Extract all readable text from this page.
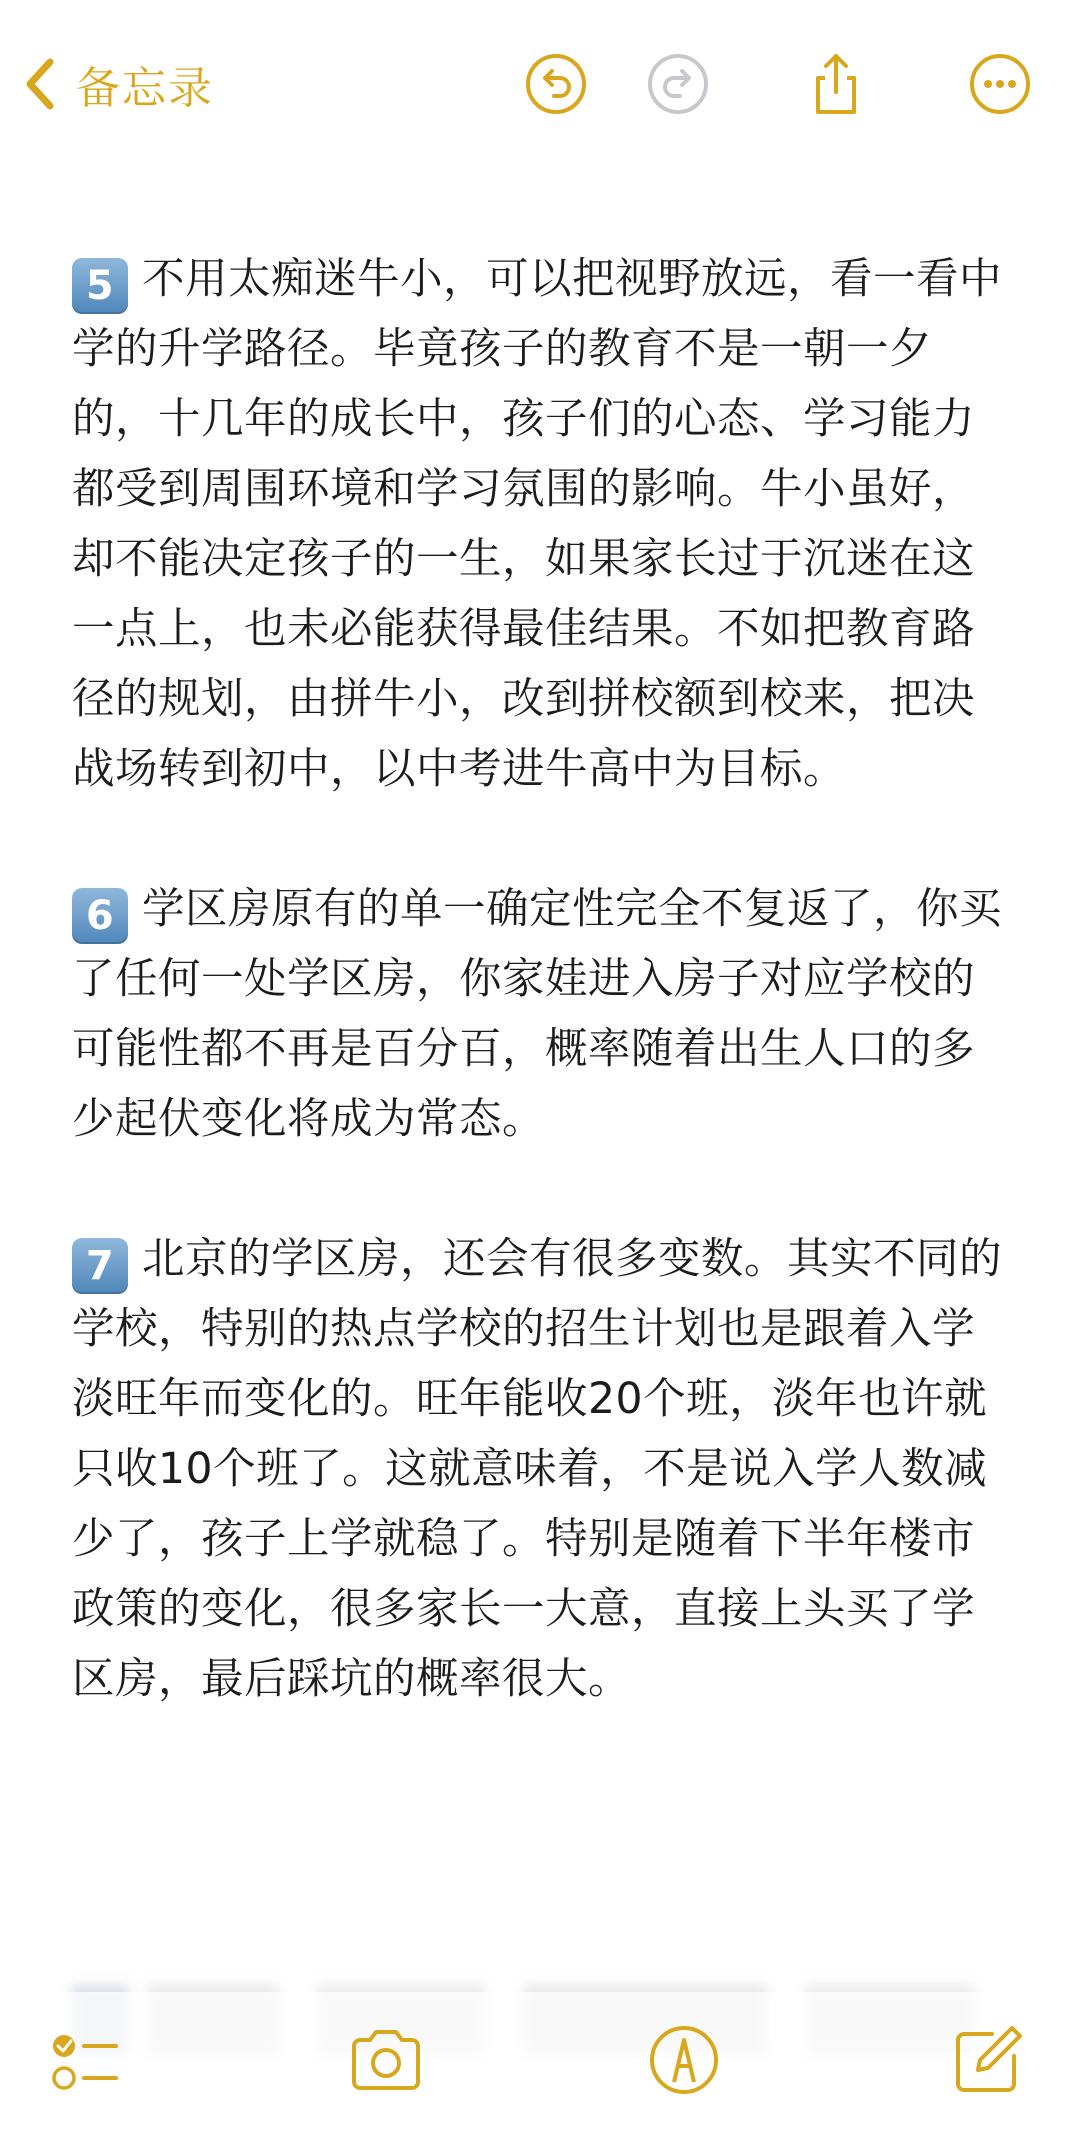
备忘录

5 不用太痴迷牛小，可以把视野放远，看一看中学的升学路径。毕竟孩子的教育不是一朝一夕的，十几年的成长中，孩子们的心态、学习能力都受到周围环境和学习氛围的影响。牛小虽好，却不能决定孩子的一生，如果家长过于沉迷在这一点上，也未必能获得最佳结果。不如把教育路径的规划，由拼牛小，改到拼校额到校来，把决战场转到初中，以中考进牛高中为目标。

6 学区房原有的单一确定性完全不复返了，你买了任何一处学区房，你家娃进入房子对应学校的可能性都不再是百分百，概率随着出生人口的多少起伏变化将成为常态。

7 北京的学区房，还会有很多变数。其实不同的学校，特别的热点学校的招生计划也是跟着入学淡旺年而变化的。旺年能收20个班，淡年也许就只收10个班了。这就意味着，不是说入学人数减少了，孩子上学就稳了。特别是随着下半年楼市政策的变化，很多家长一大意，直接上头买了学区房，最后踩坑的概率很大。
